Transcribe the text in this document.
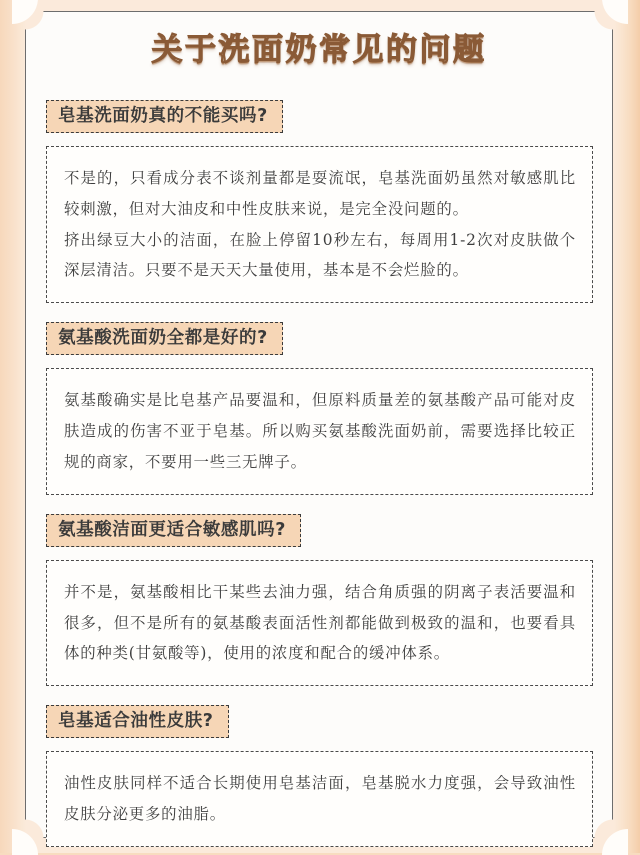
关于洗面奶常见的问题
皂基洗面奶真的不能买吗?

不是的，只看成分表不谈剂量都是耍流氓，皂基洗面奶虽然对敏感肌比较刺激，但对大油皮和中性皮肤来说，是完全没问题的。

挤出绿豆大小的洁面，在脸上停留10秒左右，每周用1-2次对皮肤做个深层清洁。只要不是天天大量使用，基本是不会烂脸的。

氨基酸洗面奶全都是好的?

氨基酸确实是比皂基产品要温和，但原料质量差的氨基酸产品可能对皮肤造成的伤害不亚于皂基。所以购买氨基酸洗面奶前，需要选择比较正规的商家，不要用一些三无牌子。

氨基酸洁面更适合敏感肌吗?

并不是，氨基酸相比干某些去油力强，结合角质强的阴离子表活要温和很多，但不是所有的氨基酸表面活性剂都能做到极致的温和，也要看具体的种类(甘氨酸等)，使用的浓度和配合的缓冲体系。

皂基适合油性皮肤?

油性皮肤同样不适合长期使用皂基洁面，皂基脱水力度强，会导致油性皮肤分泌更多的油脂。
